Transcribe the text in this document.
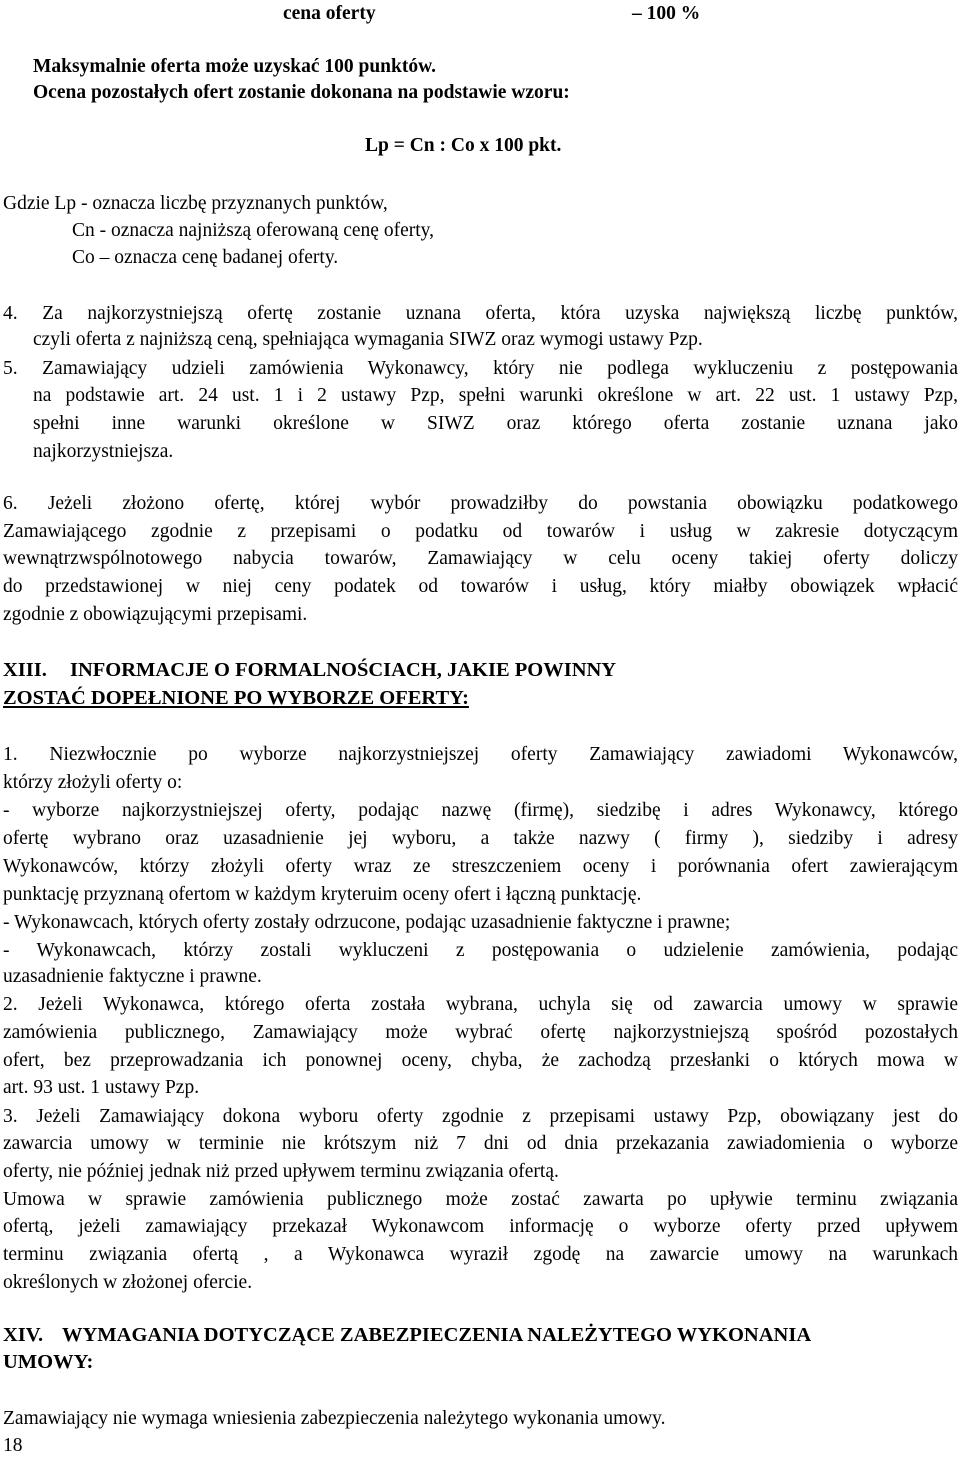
cena oferty	– 100 %
Maksymalnie oferta może uzyskać 100 punktów.
Ocena pozostałych ofert zostanie dokonana na podstawie wzoru:
Lp = Cn : Co x 100 pkt.
Gdzie Lp - oznacza liczbę przyznanych punktów,
Cn - oznacza najniższą oferowaną cenę oferty,
Co – oznacza cenę badanej oferty.
4. Za najkorzystniejszą ofertę zostanie uznana oferta, która uzyska największą liczbę punktów,
czyli oferta z najniższą ceną, spełniająca wymagania SIWZ oraz wymogi ustawy Pzp.
5. Zamawiający udzieli zamówienia Wykonawcy, który nie podlega wykluczeniu z postępowania
na podstawie art. 24 ust. 1 i 2 ustawy Pzp, spełni warunki określone w art. 22 ust. 1 ustawy Pzp,
spełni inne warunki określone w SIWZ oraz którego oferta zostanie uznana jako
najkorzystniejsza.
6. Jeżeli złożono ofertę, której wybór prowadziłby do powstania obowiązku podatkowego
Zamawiającego zgodnie z przepisami o podatku od towarów i usług w zakresie dotyczącym
wewnątrzwspólnotowego nabycia towarów, Zamawiający w celu oceny takiej oferty doliczy
do przedstawionej w niej ceny podatek od towarów i usług, który miałby obowiązek wpłacić
zgodnie z obowiązującymi przepisami.
XIII. INFORMACJE O FORMALNOŚCIACH, JAKIE POWINNY
ZOSTAĆ DOPEŁNIONE PO WYBORZE OFERTY:
1. Niezwłocznie po wyborze najkorzystniejszej oferty Zamawiający zawiadomi Wykonawców,
którzy złożyli oferty o:
- wyborze najkorzystniejszej oferty, podając nazwę (firmę), siedzibę i adres Wykonawcy, którego
ofertę wybrano oraz uzasadnienie jej wyboru, a także nazwy ( firmy ), siedziby i adresy
Wykonawców, którzy złożyli oferty wraz ze streszczeniem oceny i porównania ofert zawierającym
punktację przyznaną ofertom w każdym kryteruim oceny ofert i łączną punktację.
- Wykonawcach, których oferty zostały odrzucone, podając uzasadnienie faktyczne i prawne;
- Wykonawcach, którzy zostali wykluczeni z postępowania o udzielenie zamówienia, podając
uzasadnienie faktyczne i prawne.
2. Jeżeli Wykonawca, którego oferta została wybrana, uchyla się od zawarcia umowy w sprawie
zamówienia publicznego, Zamawiający może wybrać ofertę najkorzystniejszą spośród pozostałych
ofert, bez przeprowadzania ich ponownej oceny, chyba, że zachodzą przesłanki o których mowa w
art. 93 ust. 1 ustawy Pzp.
3. Jeżeli Zamawiający dokona wyboru oferty zgodnie z przepisami ustawy Pzp, obowiązany jest do
zawarcia umowy w terminie nie krótszym niż 7 dni od dnia przekazania zawiadomienia o wyborze
oferty, nie później jednak niż przed upływem terminu związania ofertą.
Umowa w sprawie zamówienia publicznego może zostać zawarta po upływie terminu związania
ofertą, jeżeli zamawiający przekazał Wykonawcom informację o wyborze oferty przed upływem
terminu związania ofertą , a Wykonawca wyraził zgodę na zawarcie umowy na warunkach
określonych w złożonej ofercie.
XIV. WYMAGANIA DOTYCZĄCE ZABEZPIECZENIA NALEŻYTEGO WYKONANIA
UMOWY:
Zamawiający nie wymaga wniesienia zabezpieczenia należytego wykonania umowy.
18
